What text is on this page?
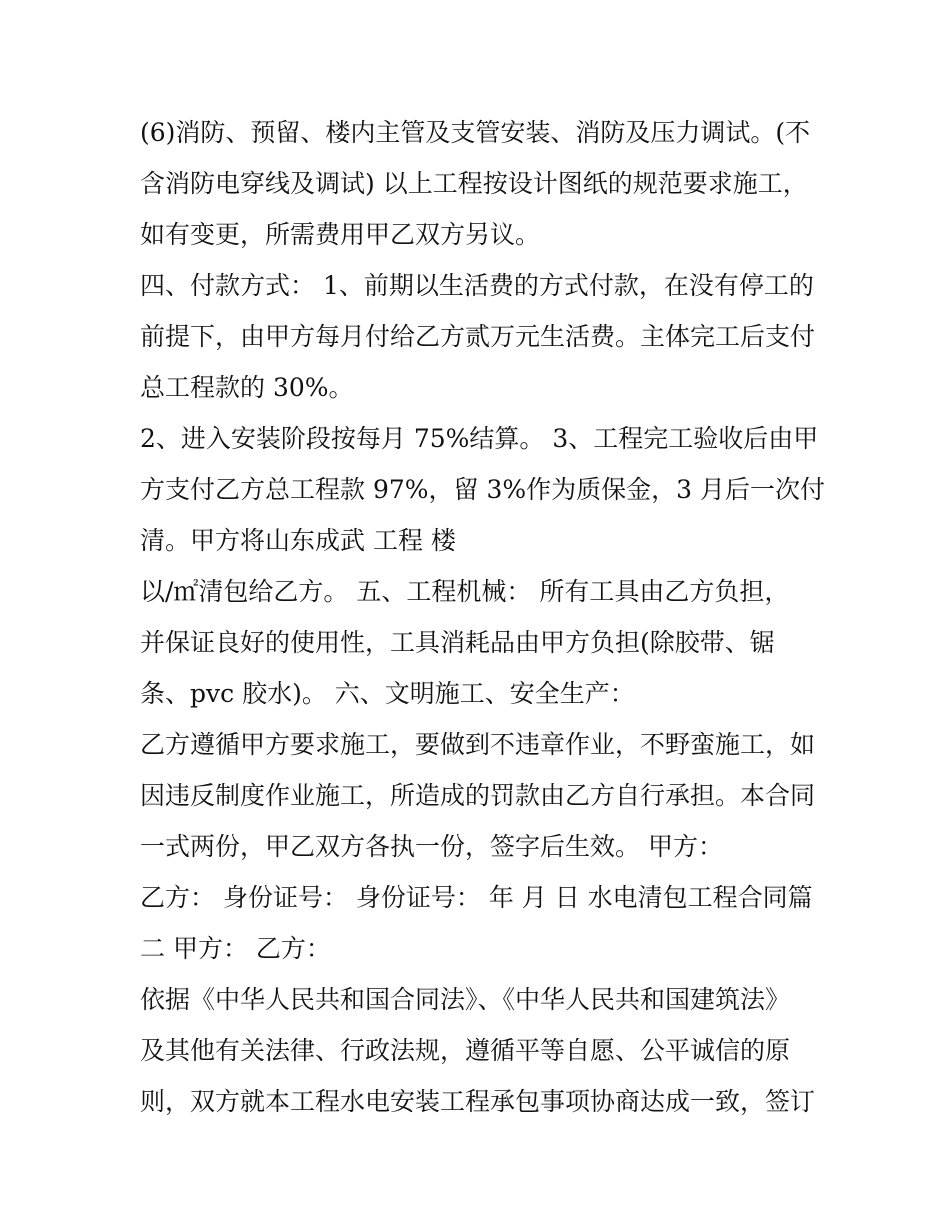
(6)消防、预留、楼内主管及支管安装、消防及压力调试。(不
含消防电穿线及调试) 以上工程按设计图纸的规范要求施工，
如有变更，所需费用甲乙双方另议。
四、付款方式： 1、前期以生活费的方式付款，在没有停工的
前提下，由甲方每月付给乙方贰万元生活费。主体完工后支付
总工程款的 30%。
2、进入安装阶段按每月 75%结算。 3、工程完工验收后由甲
方支付乙方总工程款 97%，留 3%作为质保金，3 月后一次付
清。甲方将山东成武 工程 楼
以/㎡清包给乙方。 五、工程机械： 所有工具由乙方负担，
并保证良好的使用性，工具消耗品由甲方负担(除胶带、锯
条、pvc 胶水)。 六、文明施工、安全生产：
乙方遵循甲方要求施工，要做到不违章作业，不野蛮施工，如
因违反制度作业施工，所造成的罚款由乙方自行承担。本合同
一式两份，甲乙双方各执一份，签字后生效。 甲方：
乙方： 身份证号： 身份证号： 年 月 日 水电清包工程合同篇
二 甲方： 乙方：
依据《中华人民共和国合同法》、《中华人民共和国建筑法》
及其他有关法律、行政法规，遵循平等自愿、公平诚信的原
则，双方就本工程水电安装工程承包事项协商达成一致，签订
